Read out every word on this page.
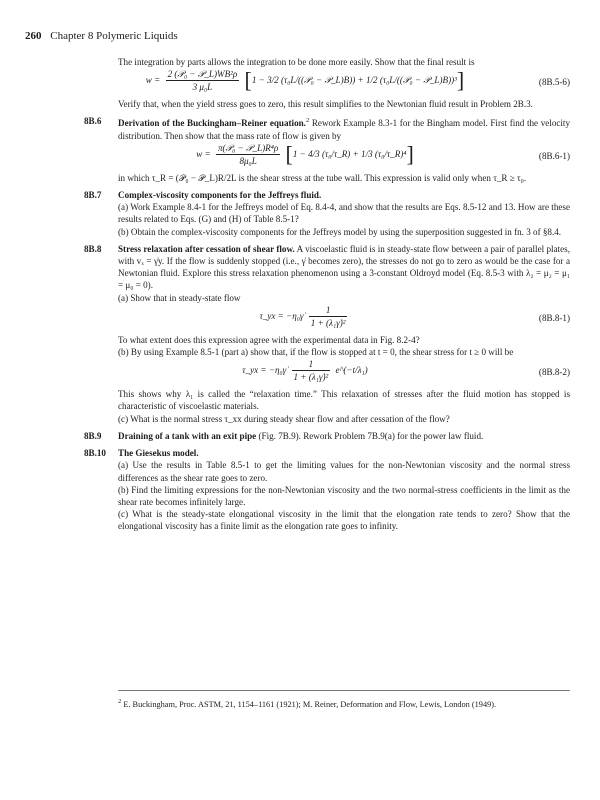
260 Chapter 8 Polymeric Liquids

The integration by parts allows the integration to be done more easily. Show that the final result is

$w = \frac{\text{2 (𝒫₀ − 𝒫\_L)WB²ρ}}{\text{3 μ₀L}} [1 - 3/2$ (τ₀L/((𝒫₀ − 𝒫_L)B)) + 1/2 (τ₀L/((𝒫₀ − 𝒫_L)B))³]	(8B.5-6)

Verify that, when the yield stress goes to zero, this result simplifies to the Newtonian fluid result in Problem 2B.3.

8B.6 Derivation of the Buckingham–Reiner equation.$^2$ Rework Example 8.3-1 for the Bingham model. First find the velocity distribution. Then show that the mass rate of flow is given by

$w = \frac{\text{π(𝒫₀ − 𝒫\_L)R⁴ρ}}{\text{8μ₀L}} [1 - 4/3$ (τ₀/τ_R) + 1/3 (τ₀/τ_R)⁴]	(8B.6-1)

in which τ_R = (𝒫₀ − 𝒫_L)R/2L is the shear stress at the tube wall. This expression is valid only when τ_R ≥ τ₀.

8B.7 Complex-viscosity components for the Jeffreys fluid.

(a) Work Example 8.4-1 for the Jeffreys model of Eq. 8.4-4, and show that the results are Eqs. 8.5-12 and 13. How are these results related to Eqs. (G) and (H) of Table 8.5-1?

(b) Obtain the complex-viscosity components for the Jeffreys model by using the superposition suggested in fn. 3 of §8.4.

8B.8 Stress relaxation after cessation of shear flow. A viscoelastic fluid is in steady-state flow between a pair of parallel plates, with vₓ = γ̇y. If the flow is suddenly stopped (i.e., γ̇ becomes zero), the stresses do not go to zero as would be the case for a Newtonian fluid. Explore this stress relaxation phenomenon using a 3-constant Oldroyd model (Eq. 8.5-3 with λ₂ = μ₂ = μ₁ = μ₀ = 0).

(a) Show that in steady-state flow

τ_yx = −η₀γ̇ $\frac{1}{\text{1 + (λ₁γ̇)²}}$	(8B.8-1)

To what extent does this expression agree with the experimental data in Fig. 8.2-4?

(b) By using Example 8.5-1 (part a) show that, if the flow is stopped at t = 0, the shear stress for t ≥ 0 will be

τ_yx = −η₀γ̇ $\frac{1}{\text{1 + (λ₁γ̇)²}}$ e^(−t/λ₁)	(8B.8-2)

This shows why λ₁ is called the “relaxation time.” This relaxation of stresses after the fluid motion has stopped is characteristic of viscoelastic materials.

(c) What is the normal stress τ_xx during steady shear flow and after cessation of the flow?

8B.9 Draining of a tank with an exit pipe (Fig. 7B.9). Rework Problem 7B.9(a) for the power law fluid.

8B.10 The Giesekus model.

(a) Use the results in Table 8.5-1 to get the limiting values for the non-Newtonian viscosity and the normal stress differences as the shear rate goes to zero.

(b) Find the limiting expressions for the non-Newtonian viscosity and the two normal-stress coefficients in the limit as the shear rate becomes infinitely large.

(c) What is the steady-state elongational viscosity in the limit that the elongation rate tends to zero? Show that the elongational viscosity has a finite limit as the elongation rate goes to infinity.

$^2$ E. Buckingham, Proc. ASTM, 21, 1154–1161 (1921); M. Reiner, Deformation and Flow, Lewis, London (1949).
